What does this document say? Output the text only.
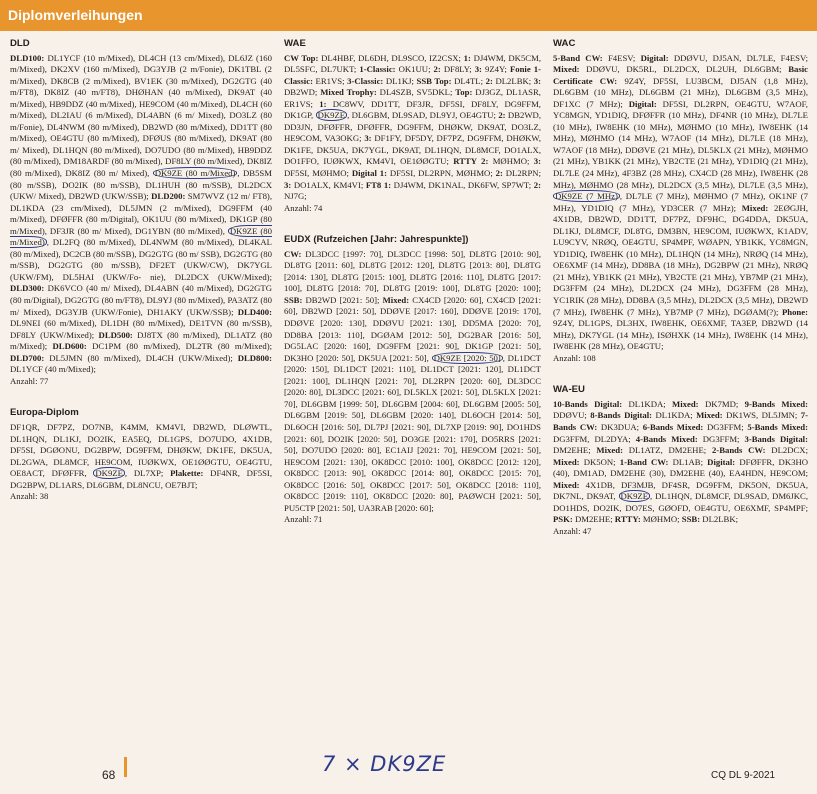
Diplomverleihungen
DLD

DLD100: DL1YCF (10 m/Mixed), DL4CH (13 cm/Mixed), DL6JZ (160 m/Mixed), DK2XV (160 m/Mixed), DG3YJB (2 m/Fonie), DK1TBL (2 m/Mixed), DK8CB (2 m/Mixed), BV1EK (30 m/Mixed), DG2GTG (40 m/FT8), DK8IZ (40 m/FT8), DHØHAN (40 m/Mixed), DK9AT (40 m/Mixed), HB9DDZ (40 m/Mixed), HE9COM (40 m/Mixed), DL4CH (60 m/Mixed), DL2IAU (6 m/Mixed), DL4ABN (6 m/ Mixed), DO3LZ (80 m/Fonie), DL4NWM (80 m/Mixed), DB2WD (80 m/Mixed), DD1TT (80 m/Mixed), OE4GTU (80 m/Mixed), DFØUS (80 m/Mixed), DK9AT (80 m/ Mixed), DL1HQN (80 m/Mixed), DO7UDO (80 m/Mixed), HB9DDZ (80 m/Mixed), DM18ARDF (80 m/Mixed), DF8LY (80 m/Mixed), DK8IZ (80 m/Mixed), DK8IZ (80 m/ Mixed), DK9ZE (80 m/Mixed) , DB5SM (80 m/SSB), DO2IK (80 m/SSB), DL1HUH (80 m/SSB), DL2DCX (UKW/ Mixed), DB2WD (UKW/SSB); DLD200: SM7WVZ (12 m/ FT8), DL1KDA (23 cm/Mixed), DL5JMN (2 m/Mixed), DG9FFM (40 m/Mixed), DFØFFR (80 m/Digital), OK1UU (80 m/Mixed), DK1GP (80 m/Mixed), DF3JR (80 m/ Mixed), DG1YBN (80 m/Mixed), DK9ZE (80 m/Mixed) , DL2FQ (80 m/Mixed), DL4NWM (80 m/Mixed), DL4KAL (80 m/Mixed), DC2CB (80 m/SSB), DG2GTG (80 m/ SSB), DG2GTG (80 m/SSB), DG2GTG (80 m/SSB), DF2ET (UKW/CW), DK7YGL (UKW/FM), DL5HAI (UKW/Fo- nie), DL2DCX (UKW/Mixed); DLD300: DK6VCO (40 m/ Mixed), DL4ABN (40 m/Mixed), DG2GTG (80 m/Digital), DG2GTG (80 m/FT8), DL9YJ (80 m/Mixed), PA3ATZ (80 m/ Mixed), DG3YJB (UKW/Fonie), DH1AKY (UKW/SSB); DLD400: DL9NEI (60 m/Mixed), DL1DH (80 m/Mixed), DE1TVN (80 m/SSB), DF8LY (UKW/Mixed); DLD500: DJ8TX (80 m/Mixed), DL1ATZ (80 m/Mixed); DLD600: DC1PM (80 m/Mixed), DL2TR (80 m/Mixed); DLD700: DL5JMN (80 m/Mixed), DL4CH (UKW/Mixed); DLD800: DL1YCF (40 m/Mixed);

Anzahl: 77

Europa-Diplom

DF1QR, DF7PZ, DO7NB, K4MM, KM4VI, DB2WD, DLØWTL, DL1HQN, DL1KJ, DO2IK, EA5EQ, DL1GPS, DO7UDO, 4X1DB, DF5SI, DGØONU, DG2BPW, DG9FFM, DHØKW, DK1FE, DK5UA, DL2GWA, DL8MCF, HE9COM, IUØKWX, OE1ØØGTU, OE4GTU, OE8ACT, DFØFFR, DK9ZE , DL7XP; Plakette: DF4NR, DF5SI, DG2BPW, DL1ARS, DL6GBM, DL8NCU, OE7BJT;

Anzahl: 38

WAE

CW Top: DL4HBF, DL6DH, DL9SCO, IZ2CSX; 1: DJ4WM, DK5CM, DL5SFC, DL7UKT; 1-Classic: OK1UU; 2: DF8LY; 3: 9Z4Y; Fonie 1-Classic: ER1VS; 3-Classic: DL1KJ; SSB Top: DL4TL; 2: DL2LBK; 3: DB2WD; Mixed Trophy: DL4SZB, SV5DKL; Top: DJ3GZ, DL1ASR, ER1VS; 1: DC8WV, DD1TT, DF3JR, DF5SI, DF8LY, DG9FFM, DK1GP, DK9ZE , DL6GBM, DL9SAD, DL9YJ, OE4GTU; 2: DB2WD, DD3JN, DFØFFR, DFØFFR, DG9FFM, DHØKW, DK9AT, DO3LZ, HE9COM, VA3OKG; 3: DF1FY, DF5DY, DF7PZ, DG9FFM, DHØKW, DK1FE, DK5UA, DK7YGL, DK9AT, DL1HQN, DL8MCF, DO1ALX, DO1FFO, IUØKWX, KM4VI, OE1ØØGTU; RTTY 2: MØHMO; 3: DF5SI, MØHMO; Digital 1: DF5SI, DL2RPN, MØHMO; 2: DL2RPN; 3: DO1ALX, KM4VI; FT8 1: DJ4WM, DK1NAL, DK6FW, SP7WT; 2: NJ7G;

Anzahl: 74

EUDX (Rufzeichen [Jahr: Jahrespunkte])

CW: DL3DCC [1997: 70], DL3DCC [1998: 50], DL8TG [2010: 90], DL8TG [2011: 60], DL8TG [2012: 120], DL8TG [2013: 80], DL8TG [2014: 130], DL8TG [2015: 100], DL8TG [2016: 110], DL8TG [2017: 100], DL8TG [2018: 70], DL8TG [2019: 100], DL8TG [2020: 100]; SSB: DB2WD [2021: 50]; Mixed: CX4CD [2020: 60], CX4CD [2021: 60], DB2WD [2021: 50], DDØVE [2017: 160], DDØVE [2019: 170], DDØVE [2020: 130], DDØVU [2021: 130], DD5MA [2020: 70], DD8BA [2013: 110], DGØAM [2012: 50], DG2BAR [2016: 50], DG5LAC [2020: 160], DG9FFM [2021: 90], DK1GP [2021: 50], DK3HO [2020: 50], DK5UA [2021: 50], DK9ZE [2020: 50] , DL1DCT [2020: 150], DL1DCT [2021: 110], DL1DCT [2021: 120], DL1DCT [2021: 100], DL1HQN [2021: 70], DL2RPN [2020: 60], DL3DCC [2020: 80], DL3DCC [2021: 60], DL5KLX [2021: 50], DL5KLX [2021: 70], DL6GBM [1999: 50], DL6GBM [2004: 60], DL6GBM [2005: 50], DL6GBM [2019: 50], DL6GBM [2020: 140], DL6OCH [2014: 50], DL6OCH [2016: 50], DL7PJ [2021: 90], DL7XP [2019: 90], DO1HDS [2021: 60], DO2IK [2020: 50], DO3GE [2021: 170], DO5RRS [2021: 50], DO7UDO [2020: 80], EC1AIJ [2021: 70], HE9COM [2021: 50], HE9COM [2021: 130], OK8DCC [2010: 100], OK8DCC [2012: 120], OK8DCC [2013: 90], OK8DCC [2014: 80], OK8DCC [2015: 70], OK8DCC [2016: 50], OK8DCC [2017: 50], OK8DCC [2018: 110], OK8DCC [2019: 110], OK8DCC [2020: 80], PAØWCH [2021: 50], PU5CTP [2021: 50], UA3RAB [2020: 60];

Anzahl: 71

WAC

5-Band CW: F4ESV; Digital: DDØVU, DJ5AN, DL7LE, F4ESV; Mixed: DDØVU, DK5RL, DL2DCX, DL2UH, DL6GBM; Basic Certificate CW: 9Z4Y, DF5SI, LU3BCM, DJ5AN (1,8 MHz), DL6GBM (10 MHz), DL6GBM (21 MHz), DL6GBM (3,5 MHz), DF1XC (7 MHz); Digital: DF5SI, DL2RPN, OE4GTU, W7AOF, YC8MGN, YD1DIQ, DFØFFR (10 MHz), DF4NR (10 MHz), DL7LE (10 MHz), IW8EHK (10 MHz), MØHMO (10 MHz), IW8EHK (14 MHz), MØHMO (14 MHz), W7AOF (14 MHz), DL7LE (18 MHz), W7AOF (18 MHz), DDØVE (21 MHz), DL5KLX (21 MHz), MØHMO (21 MHz), YB1KK (21 MHz), YB2CTE (21 MHz), YD1DIQ (21 MHz), DL7LE (24 MHz), 4F3BZ (28 MHz), CX4CD (28 MHz), IW8EHK (28 MHz), MØHMO (28 MHz), DL2DCX (3,5 MHz), DL7LE (3,5 MHz), DK9ZE (7 MHz) , DL7LE (7 MHz), MØHMO (7 MHz), OK1NF (7 MHz), YD1DIQ (7 MHz), YD3CER (7 MHz); Mixed: 2EØGJH, 4X1DB, DB2WD, DD1TT, DF7PZ, DF9HC, DG4DDA, DK5UA, DL1KJ, DL8MCF, DL8TG, DM3BN, HE9COM, IUØKWX, K1ADV, LU9CYV, NRØQ, OE4GTU, SP4MPF, WØAPN, YB1KK, YC8MGN, YD1DIQ, IW8EHK (10 MHz), DL1HQN (14 MHz), NRØQ (14 MHz), OE6XMF (14 MHz), DD8BA (18 MHz), DG2BPW (21 MHz), NRØQ (21 MHz), YB1KK (21 MHz), YB2CTE (21 MHz), YB7MP (21 MHz), DG3FFM (24 MHz), DL2DCX (24 MHz), DG3FFM (28 MHz), YC1RIK (28 MHz), DD8BA (3,5 MHz), DL2DCX (3,5 MHz), DB2WD (7 MHz), IW8EHK (7 MHz), YB7MP (7 MHz), DGØAM(?); Phone: 9Z4Y, DL1GPS, DL3HX, IW8EHK, OE6XMF, TA3EP, DB2WD (14 MHz), DK7YGL (14 MHz), ISØHXK (14 MHz), IW8EHK (14 MHz), IW8EHK (28 MHz), OE4GTU;

Anzahl: 108

WA-EU

10-Bands Digital: DL1KDA; Mixed: DK7MD; 9-Bands Mixed: DDØVU; 8-Bands Digital: DL1KDA; Mixed: DK1WS, DL5JMN; 7-Bands CW: DK3DUA; 6-Bands Mixed: DG3FFM; 5-Bands Mixed: DG3FFM, DL2DYA; 4-Bands Mixed: DG3FFM; 3-Bands Digital: DM2EHE; Mixed: DL1ATZ, DM2EHE; 2-Bands CW: DL2DCX; Mixed: DK5ON; 1-Band CW: DL1AB; Digital: DFØFFR, DK3HO (40), DM1AD, DM2EHE (30), DM2EHE (40), EA4HDN, HE9COM; Mixed: 4X1DB, DF3MJB, DF4SR, DG9FFM, DK5ON, DK5UA, DK7NL, DK9AT, DK9ZE , DL1HQN, DL8MCF, DL9SAD, DM6JKC, DO1HDS, DO2IK, DO7ES, GØOFD, OE4GTU, OE6XMF, SP4MPF; PSK: DM2EHE; RTTY: MØHMO; SSB: DL2LBK;

Anzahl: 47

68	7 × DK9ZE	CQ DL 9-2021
